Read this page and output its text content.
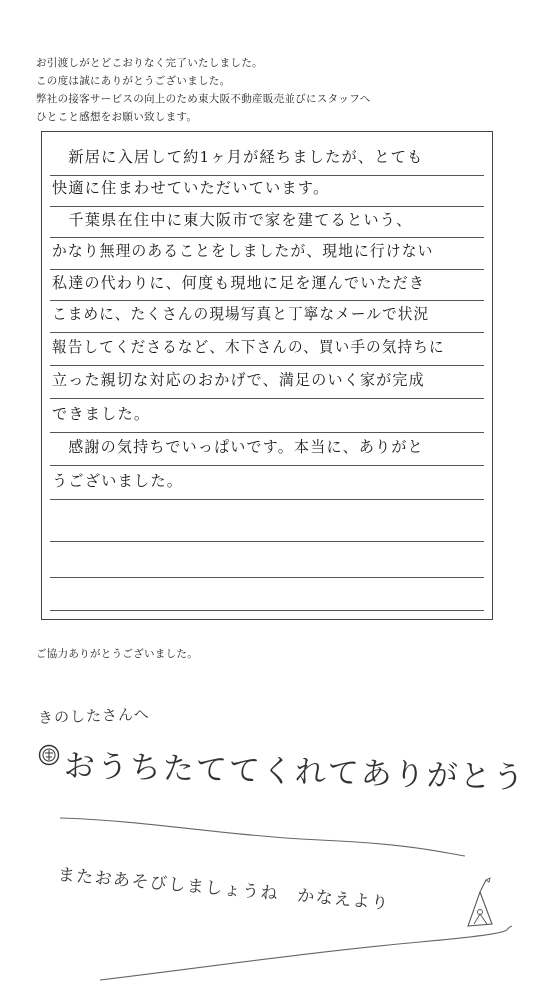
お引渡しがとどこおりなく完了いたしました。
この度は誠にありがとうございました。
弊社の接客サービスの向上のため東大阪不動産販売並びにスタッフへ
ひとこと感想をお願い致します。
　新居に入居して約1ヶ月が経ちましたが、とても
快適に住まわせていただいています。
　千葉県在住中に東大阪市で家を建てるという、
かなり無理のあることをしましたが、現地に行けない
私達の代わりに、何度も現地に足を運んでいただき
こまめに、たくさんの現場写真と丁寧なメールで状況
報告してくださるなど、木下さんの、買い手の気持ちに
立った親切な対応のおかげで、満足のいく家が完成
できました。
　感謝の気持ちでいっぱいです。本当に、ありがと
うございました。
ご協力ありがとうございました。
きのしたさんへ
おうちたててくれてありがとう
またおあそびしましょうね　かなえより
